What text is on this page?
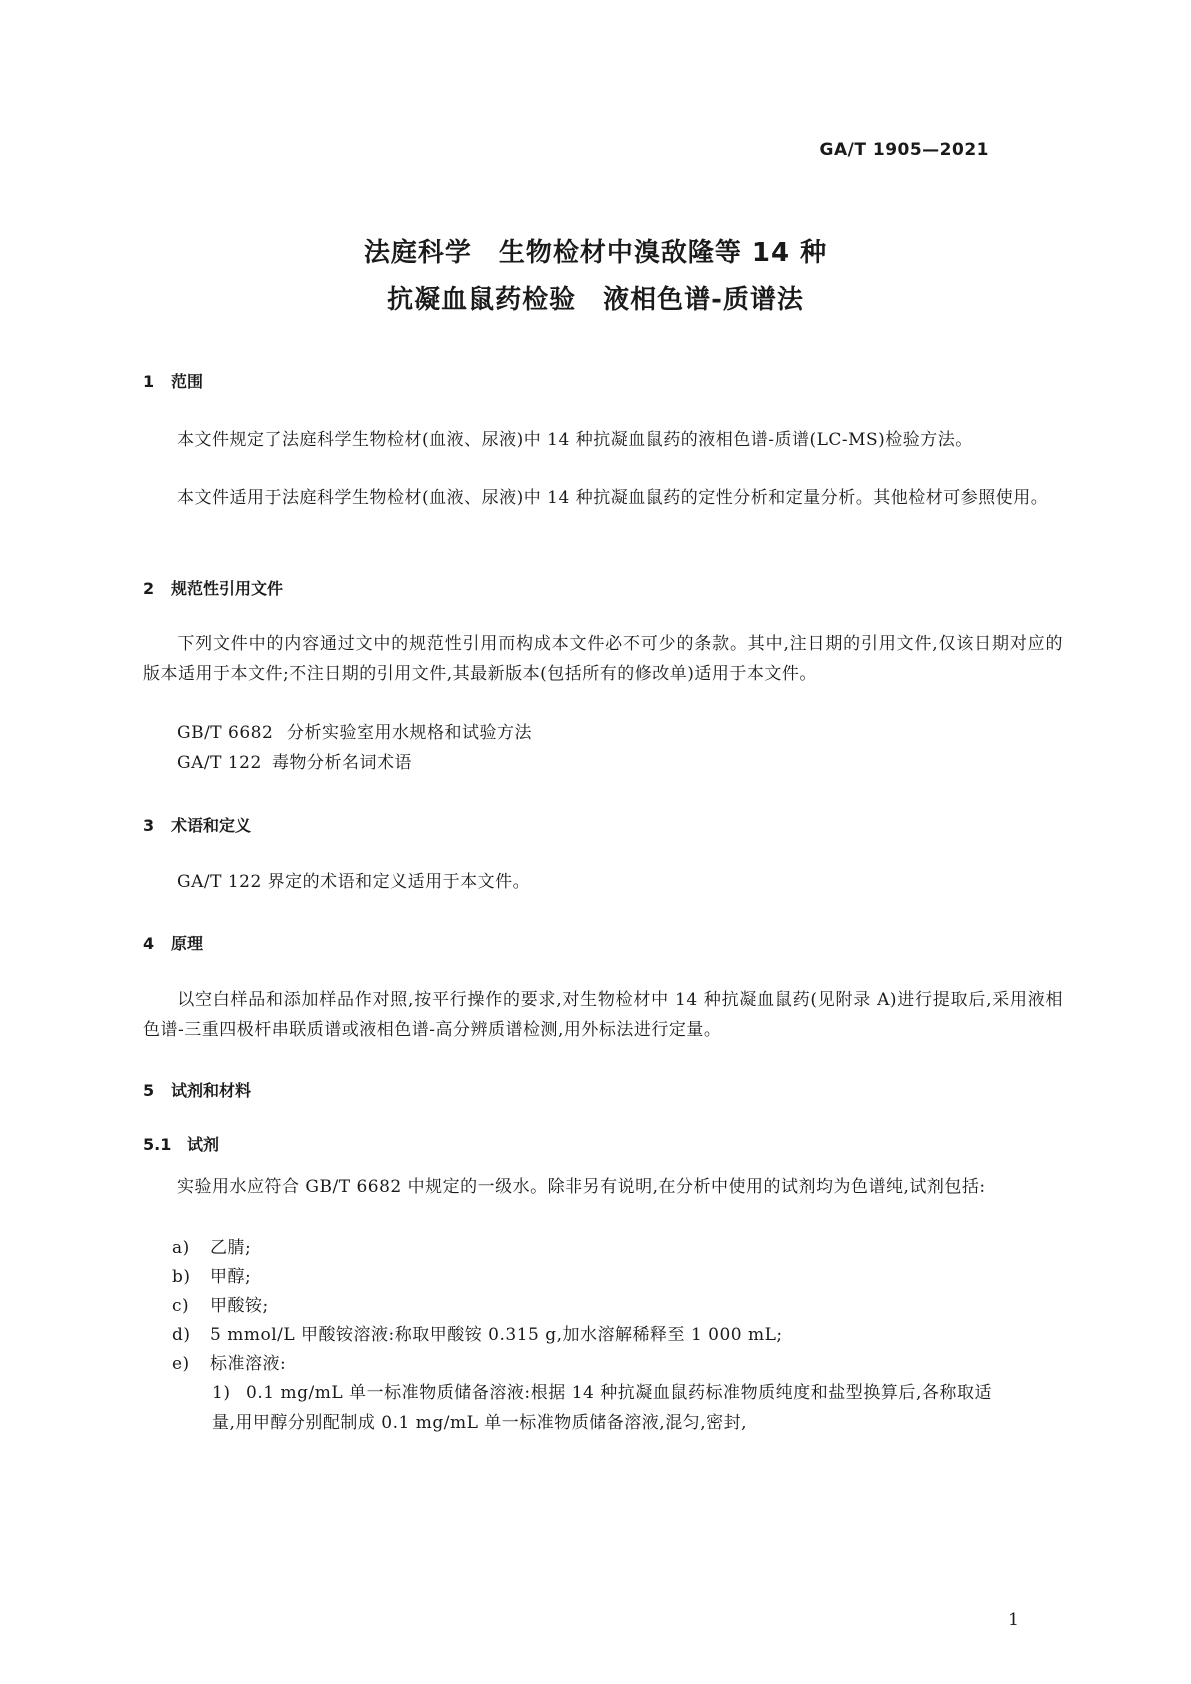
GA/T 1905—2021
法庭科学　生物检材中溴敌隆等 14 种
抗凝血鼠药检验　液相色谱-质谱法
1 范围
本文件规定了法庭科学生物检材(血液、尿液)中 14 种抗凝血鼠药的液相色谱-质谱(LC-MS)检验方法。
本文件适用于法庭科学生物检材(血液、尿液)中 14 种抗凝血鼠药的定性分析和定量分析。其他检材可参照使用。
2 规范性引用文件
下列文件中的内容通过文中的规范性引用而构成本文件必不可少的条款。其中,注日期的引用文件,仅该日期对应的版本适用于本文件;不注日期的引用文件,其最新版本(包括所有的修改单)适用于本文件。
GB/T 6682 分析实验室用水规格和试验方法
GA/T 122 毒物分析名词术语
3 术语和定义
GA/T 122 界定的术语和定义适用于本文件。
4 原理
以空白样品和添加样品作对照,按平行操作的要求,对生物检材中 14 种抗凝血鼠药(见附录 A)进行提取后,采用液相色谱-三重四极杆串联质谱或液相色谱-高分辨质谱检测,用外标法进行定量。
5 试剂和材料
5.1 试剂
实验用水应符合 GB/T 6682 中规定的一级水。除非另有说明,在分析中使用的试剂均为色谱纯,试剂包括:
a) 乙腈;
b) 甲醇;
c) 甲酸铵;
d) 5 mmol/L 甲酸铵溶液:称取甲酸铵 0.315 g,加水溶解稀释至 1 000 mL;
e) 标准溶液:
1) 0.1 mg/mL 单一标准物质储备溶液:根据 14 种抗凝血鼠药标准物质纯度和盐型换算后,各称取适量,用甲醇分别配制成 0.1 mg/mL 单一标准物质储备溶液,混匀,密封,
1
